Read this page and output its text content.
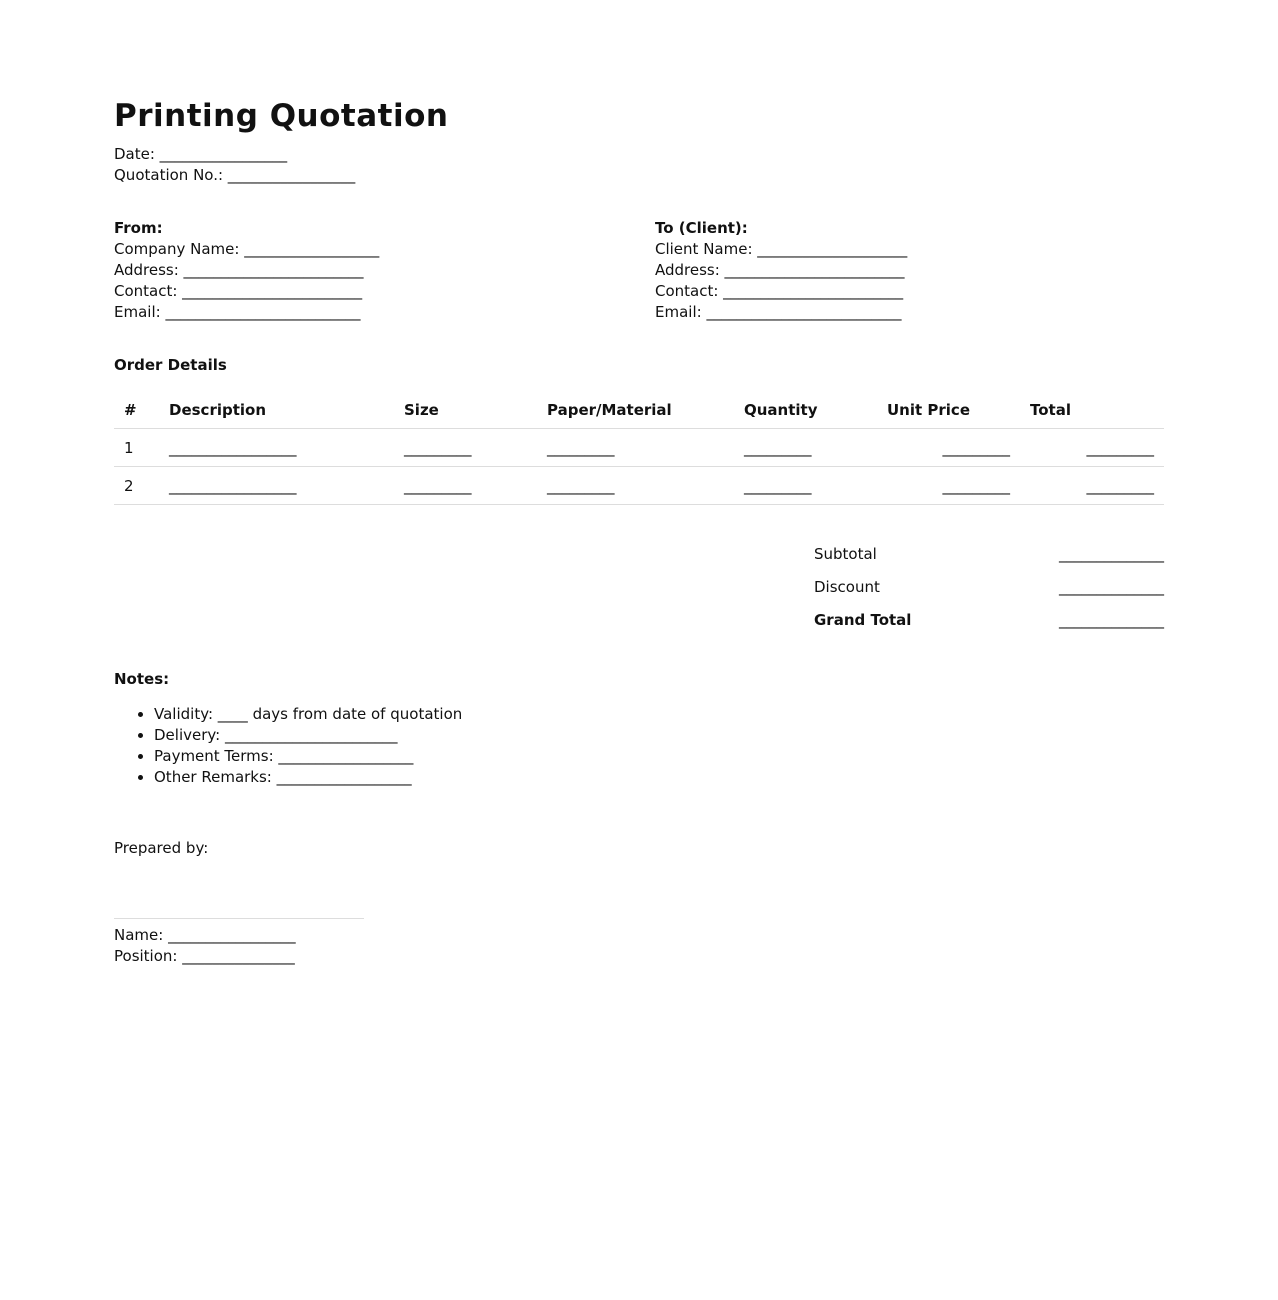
Printing Quotation
Date: _________________
Quotation No.: _________________
From:
Company Name: __________________
Address: ________________________
Contact: ________________________
Email: __________________________
To (Client):
Client Name: ____________________
Address: ________________________
Contact: ________________________
Email: __________________________
Order Details
#	Description	Size	Paper/Material	Quantity	Unit Price	Total
1	_________________	_________	_________	_________	_________	_________
2	_________________	_________	_________	_________	_________	_________
Subtotal	______________
Discount	______________
Grand Total	______________
Notes:
• Validity: ____ days from date of quotation
• Delivery: _______________________
• Payment Terms: __________________
• Other Remarks: __________________
Prepared by:
Name: _________________
Position: _______________
